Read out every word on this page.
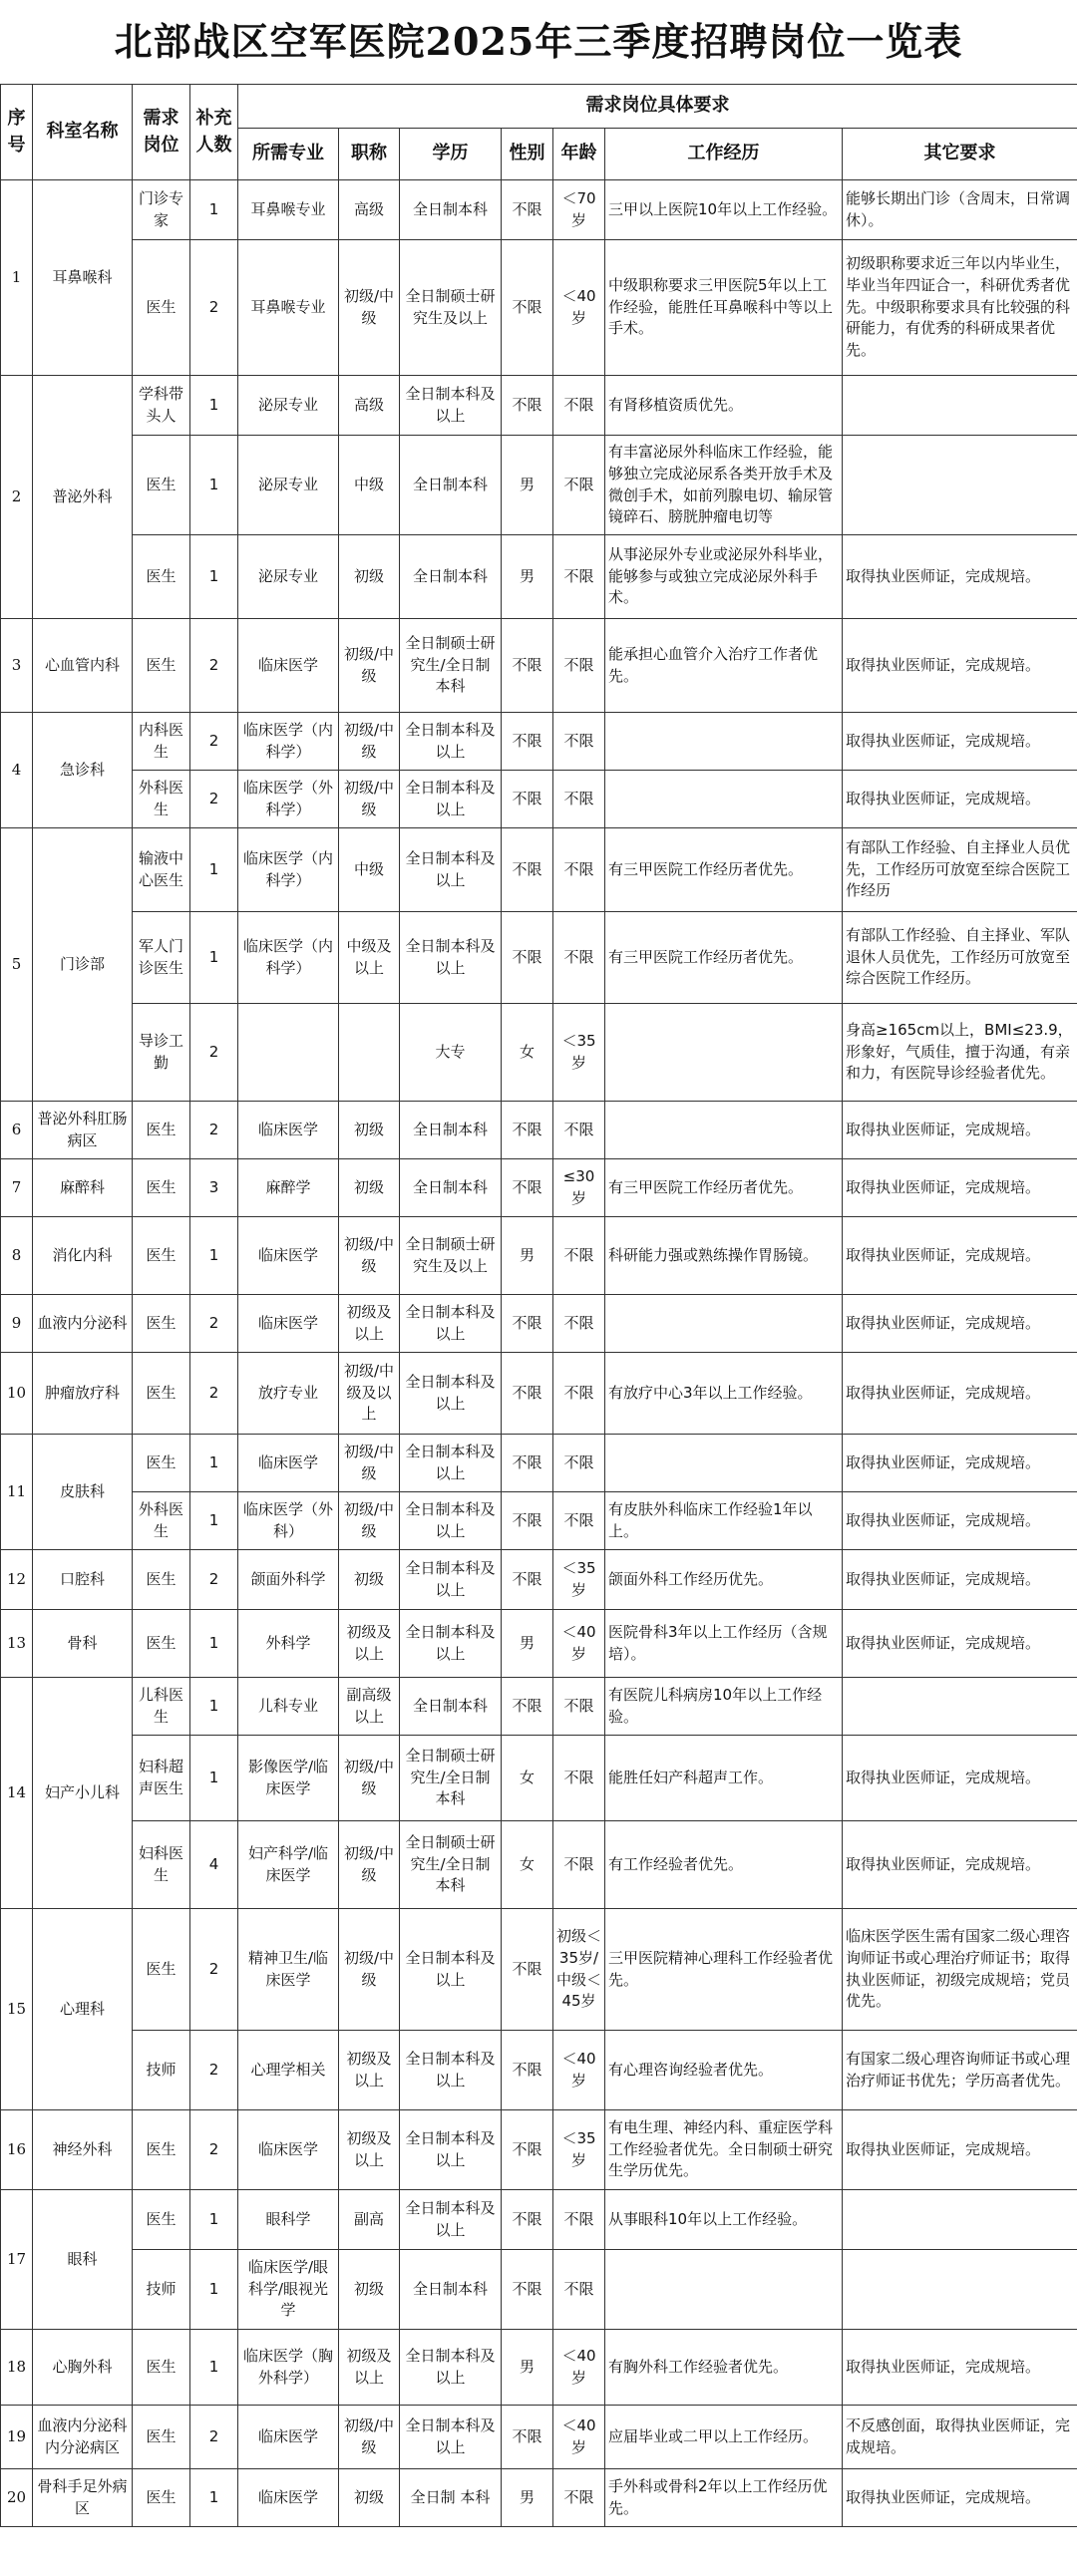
北部战区空军医院2025年三季度招聘岗位一览表
序号	科室名称	需求岗位	补充人数	需求岗位具体要求						
				所需专业	职称	学历	性别	年龄	工作经历	其它要求
1	耳鼻喉科	门诊专家	1	耳鼻喉专业	高级	全日制本科	不限	＜70岁	三甲以上医院10年以上工作经验。	能够长期出门诊（含周末，日常调休）。
		医生	2	耳鼻喉专业	初级/中级	全日制硕士研究生及以上	不限	＜40岁	中级职称要求三甲医院5年以上工作经验，能胜任耳鼻喉科中等以上手术。	初级职称要求近三年以内毕业生，毕业当年四证合一，科研优秀者优先。中级职称要求具有比较强的科研能力，有优秀的科研成果者优先。
2	普泌外科	学科带头人	1	泌尿专业	高级	全日制本科及以上	不限	不限	有肾移植资质优先。	
		医生	1	泌尿专业	中级	全日制本科	男	不限	有丰富泌尿外科临床工作经验，能够独立完成泌尿系各类开放手术及微创手术，如前列腺电切、输尿管镜碎石、膀胱肿瘤电切等	
		医生	1	泌尿专业	初级	全日制本科	男	不限	从事泌尿外专业或泌尿外科毕业，能够参与或独立完成泌尿外科手术。	取得执业医师证，完成规培。
3	心血管内科	医生	2	临床医学	初级/中级	全日制硕士研究生/全日制本科	不限	不限	能承担心血管介入治疗工作者优先。	取得执业医师证，完成规培。
4	急诊科	内科医生	2	临床医学（内科学）	初级/中级	全日制本科及以上	不限	不限		取得执业医师证，完成规培。
		外科医生	2	临床医学（外科学）	初级/中级	全日制本科及以上	不限	不限		取得执业医师证，完成规培。
5	门诊部	输液中心医生	1	临床医学（内科学）	中级	全日制本科及以上	不限	不限	有三甲医院工作经历者优先。	有部队工作经验、自主择业人员优先，工作经历可放宽至综合医院工作经历
		军人门诊医生	1	临床医学（内科学）	中级及以上	全日制本科及以上	不限	不限	有三甲医院工作经历者优先。	有部队工作经验、自主择业、军队退休人员优先，工作经历可放宽至综合医院工作经历。
		导诊工勤	2			大专	女	＜35岁		身高≥165cm以上，BMI≤23.9，形象好，气质佳，擅于沟通，有亲和力，有医院导诊经验者优先。
6	普泌外科肛肠病区	医生	2	临床医学	初级	全日制本科	不限	不限		取得执业医师证，完成规培。
7	麻醉科	医生	3	麻醉学	初级	全日制本科	不限	≤30岁	有三甲医院工作经历者优先。	取得执业医师证，完成规培。
8	消化内科	医生	1	临床医学	初级/中级	全日制硕士研究生及以上	男	不限	科研能力强或熟练操作胃肠镜。	取得执业医师证，完成规培。
9	血液内分泌科	医生	2	临床医学	初级及以上	全日制本科及以上	不限	不限		取得执业医师证，完成规培。
10	肿瘤放疗科	医生	2	放疗专业	初级/中级及以上	全日制本科及以上	不限	不限	有放疗中心3年以上工作经验。	取得执业医师证，完成规培。
11	皮肤科	医生	1	临床医学	初级/中级	全日制本科及以上	不限	不限		取得执业医师证，完成规培。
		外科医生	1	临床医学（外科）	初级/中级	全日制本科及以上	不限	不限	有皮肤外科临床工作经验1年以上。	取得执业医师证，完成规培。
12	口腔科	医生	2	颌面外科学	初级	全日制本科及以上	不限	＜35岁	颌面外科工作经历优先。	取得执业医师证，完成规培。
13	骨科	医生	1	外科学	初级及以上	全日制本科及以上	男	＜40岁	医院骨科3年以上工作经历（含规培）。	取得执业医师证，完成规培。
14	妇产小儿科	儿科医生	1	儿科专业	副高级以上	全日制本科	不限	不限	有医院儿科病房10年以上工作经验。	
		妇科超声医生	1	影像医学/临床医学	初级/中级	全日制硕士研究生/全日制本科	女	不限	能胜任妇产科超声工作。	取得执业医师证，完成规培。
		妇科医生	4	妇产科学/临床医学	初级/中级	全日制硕士研究生/全日制本科	女	不限	有工作经验者优先。	取得执业医师证，完成规培。
15	心理科	医生	2	精神卫生/临床医学	初级/中级	全日制本科及以上	不限	初级＜35岁/中级＜45岁	三甲医院精神心理科工作经验者优先。	临床医学医生需有国家二级心理咨询师证书或心理治疗师证书；取得执业医师证，初级完成规培；党员优先。
		技师	2	心理学相关	初级及以上	全日制本科及以上	不限	＜40岁	有心理咨询经验者优先。	有国家二级心理咨询师证书或心理治疗师证书优先；学历高者优先。
16	神经外科	医生	2	临床医学	初级及以上	全日制本科及以上	不限	＜35岁	有电生理、神经内科、重症医学科工作经验者优先。全日制硕士研究生学历优先。	取得执业医师证，完成规培。
17	眼科	医生	1	眼科学	副高	全日制本科及以上	不限	不限	从事眼科10年以上工作经验。	
		技师	1	临床医学/眼科学/眼视光学	初级	全日制本科	不限	不限		
18	心胸外科	医生	1	临床医学（胸外科学）	初级及以上	全日制本科及以上	男	＜40岁	有胸外科工作经验者优先。	取得执业医师证，完成规培。
19	血液内分泌科内分泌病区	医生	2	临床医学	初级/中级	全日制本科及以上	不限	＜40岁	应届毕业或二甲以上工作经历。	不反感创面，取得执业医师证，完成规培。
20	骨科手足外病区	医生	1	临床医学	初级	全日制 本科	男	不限	手外科或骨科2年以上工作经历优先。	取得执业医师证，完成规培。
